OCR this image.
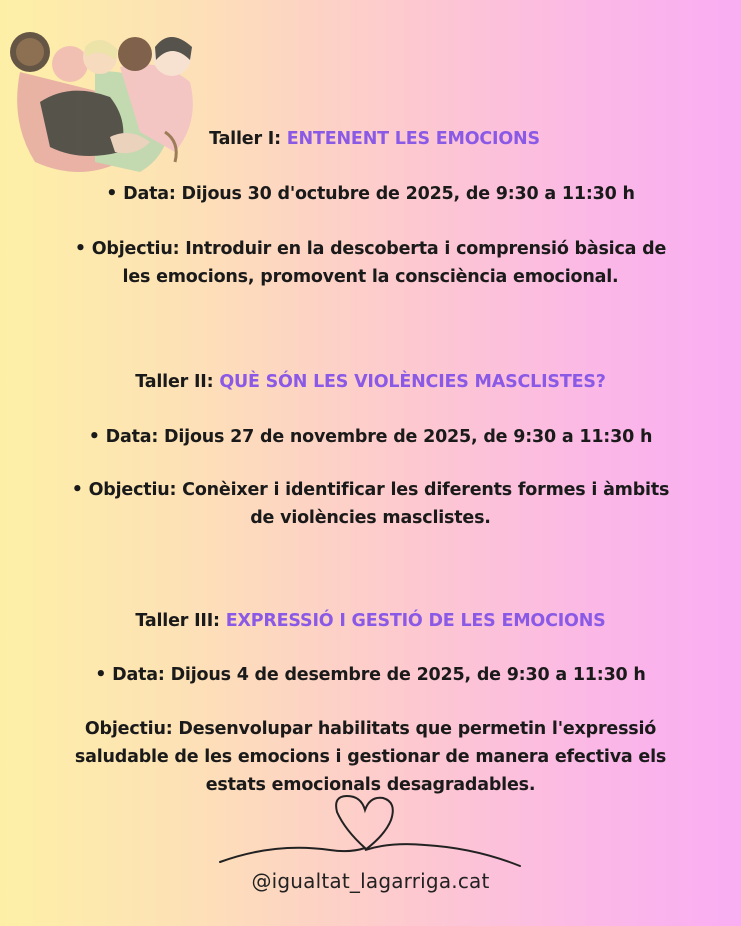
Taller I: ENTENENT LES EMOCIONS
• Data: Dijous 30 d'octubre de 2025, de 9:30 a 11:30 h
• Objectiu: Introduir en la descoberta i comprensió bàsica de
les emocions, promovent la consciència emocional.
Taller II: QUÈ SÓN LES VIOLÈNCIES MASCLISTES?
• Data: Dijous 27 de novembre de 2025, de 9:30 a 11:30 h
• Objectiu: Conèixer i identificar les diferents formes i àmbits
de violències masclistes.
Taller III: EXPRESSIÓ I GESTIÓ DE LES EMOCIONS
• Data: Dijous 4 de desembre de 2025, de 9:30 a 11:30 h
Objectiu: Desenvolupar habilitats que permetin l'expressió
saludable de les emocions i gestionar de manera efectiva els
estats emocionals desagradables.
@igualtat_lagarriga.cat
